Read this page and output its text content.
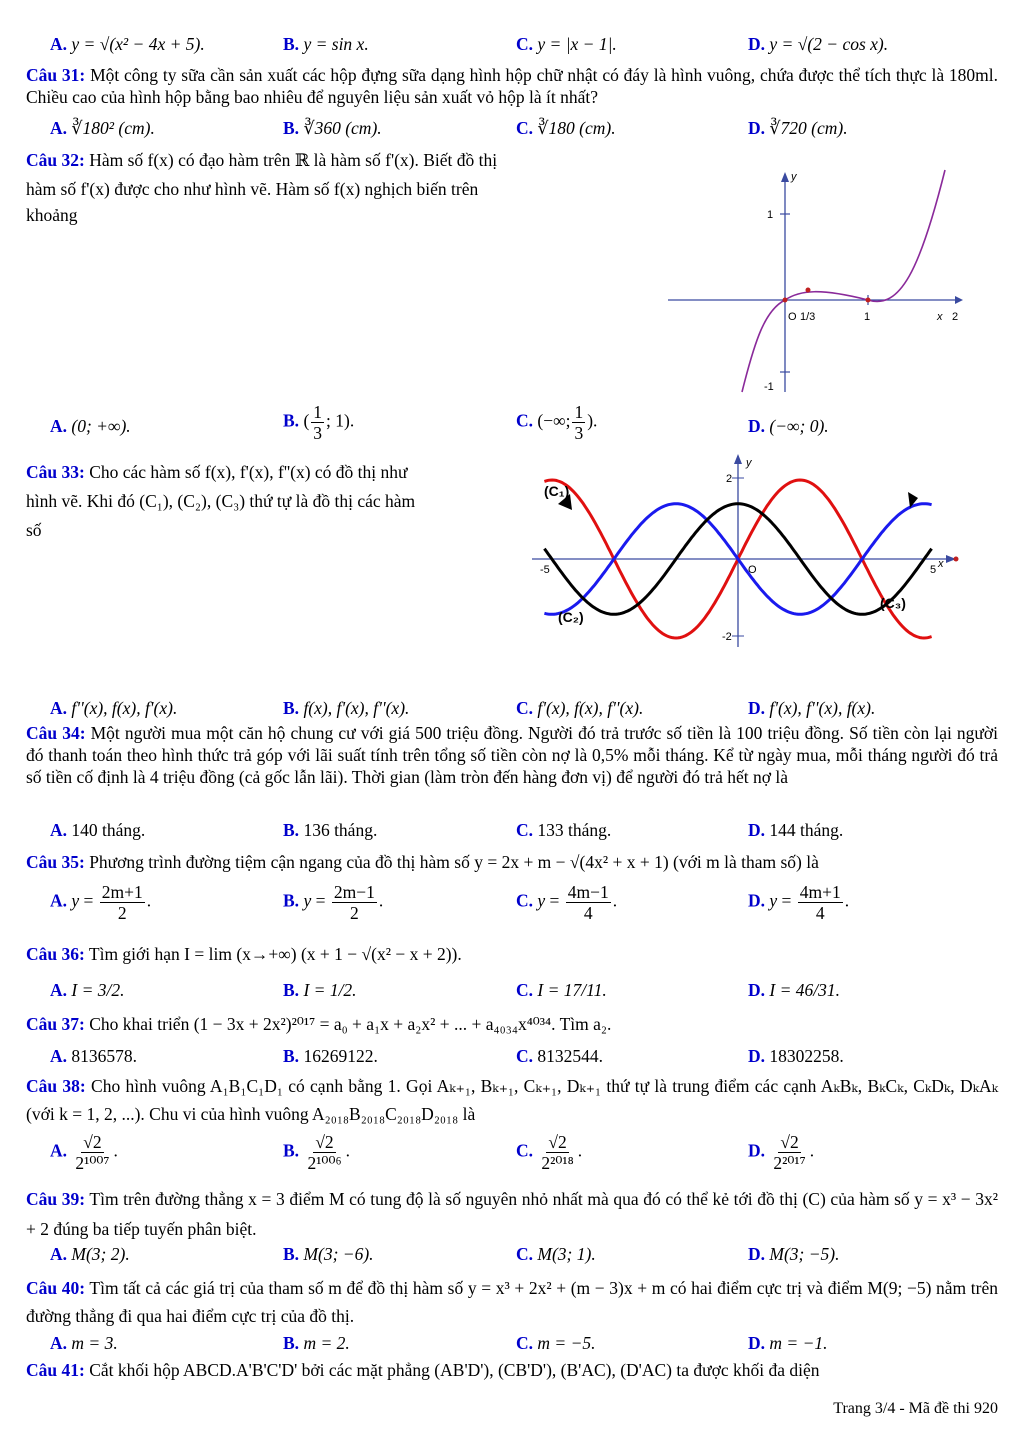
A. y = √(x² − 4x + 5).	B. y = sin x.	C. y = |x − 1|.	D. y = √(2 − cos x).
Câu 31: Một công ty sữa cần sản xuất các hộp đựng sữa dạng hình hộp chữ nhật có đáy là hình vuông, chứa được thể tích thực là 180ml. Chiều cao của hình hộp bằng bao nhiêu để nguyên liệu sản xuất vỏ hộp là ít nhất?
A. ∛180² (cm).	B. ∛360 (cm).	C. ∛180 (cm).	D. ∛720 (cm).
Câu 32: Hàm số f(x) có đạo hàm trên ℝ là hàm số f'(x). Biết đồ thị
hàm số f'(x) được cho như hình vẽ. Hàm số f(x) nghịch biến trên
khoảng
y
1
-1
O 1/3	1	x 2
A. (0; +∞).	B. ( $\frac{1}{3}$ ; 1).	C. (−∞; $\frac{1}{3}$ ).	D. (−∞; 0).
Câu 33: Cho các hàm số f(x), f'(x), f''(x) có đồ thị như
hình vẽ. Khi đó (C₁), (C₂), (C₃) thứ tự là đồ thị các hàm
số
y
2
-2
-5	5 x
O
(C₁)
(C₂)
(C₃)
A. f''(x), f(x), f'(x).	B. f(x), f'(x), f''(x).	C. f'(x), f(x), f''(x).	D. f'(x), f''(x), f(x).
Câu 34: Một người mua một căn hộ chung cư với giá 500 triệu đồng. Người đó trả trước số tiền là 100 triệu đồng. Số tiền còn lại người đó thanh toán theo hình thức trả góp với lãi suất tính trên tổng số tiền còn nợ là 0,5% mỗi tháng. Kể từ ngày mua, mỗi tháng người đó trả số tiền cố định là 4 triệu đồng (cả gốc lẫn lãi). Thời gian (làm tròn đến hàng đơn vị) để người đó trả hết nợ là
A. 140 tháng.	B. 136 tháng.	C. 133 tháng.	D. 144 tháng.
Câu 35: Phương trình đường tiệm cận ngang của đồ thị hàm số y = 2x + m − √(4x² + x + 1) (với m là tham số) là
A. $y = \frac{2m+1}{2}$ .	B. $y = \frac{2m-1}{2}$ .	C. $y = \frac{4m-1}{4}$ .	D. $y = \frac{4m+1}{4}$ .
Câu 36: Tìm giới hạn I = lim (x→+∞) (x + 1 − √(x² − x + 2)).
A. I = 3/2.	B. I = 1/2.	C. I = 17/11.	D. I = 46/31.
Câu 37: Cho khai triển (1 − 3x + 2x²)²⁰¹⁷ = a₀ + a₁x + a₂x² + ... + a₄₀₃₄x⁴⁰³⁴. Tìm a₂.
A. 8136578.	B. 16269122.	C. 8132544.	D. 18302258.
Câu 38: Cho hình vuông A₁B₁C₁D₁ có cạnh bằng 1. Gọi Aₖ₊₁, Bₖ₊₁, Cₖ₊₁, Dₖ₊₁ thứ tự là trung điểm các cạnh AₖBₖ, BₖCₖ, CₖDₖ, DₖAₖ (với k = 1, 2, ...). Chu vi của hình vuông A₂₀₁₈B₂₀₁₈C₂₀₁₈D₂₀₁₈ là
A. $\frac{√2}{\text{2¹⁰⁰⁷}}$ .	B. $\frac{√2}{\text{2¹⁰⁰⁶}}$ .	C. $\frac{√2}{\text{2²⁰¹⁸}}$ .	D. $\frac{√2}{\text{2²⁰¹⁷}}$ .
Câu 39: Tìm trên đường thẳng x = 3 điểm M có tung độ là số nguyên nhỏ nhất mà qua đó có thể kẻ tới đồ thị (C) của hàm số y = x³ − 3x² + 2 đúng ba tiếp tuyến phân biệt.
A. M(3; 2).	B. M(3; −6).	C. M(3; 1).	D. M(3; −5).
Câu 40: Tìm tất cả các giá trị của tham số m để đồ thị hàm số y = x³ + 2x² + (m − 3)x + m có hai điểm cực trị và điểm M(9; −5) nằm trên đường thẳng đi qua hai điểm cực trị của đồ thị.
A. m = 3.	B. m = 2.	C. m = −5.	D. m = −1.
Câu 41: Cắt khối hộp ABCD.A'B'C'D' bởi các mặt phẳng (AB'D'), (CB'D'), (B'AC), (D'AC) ta được khối đa diện
Trang 3/4 - Mã đề thi 920
